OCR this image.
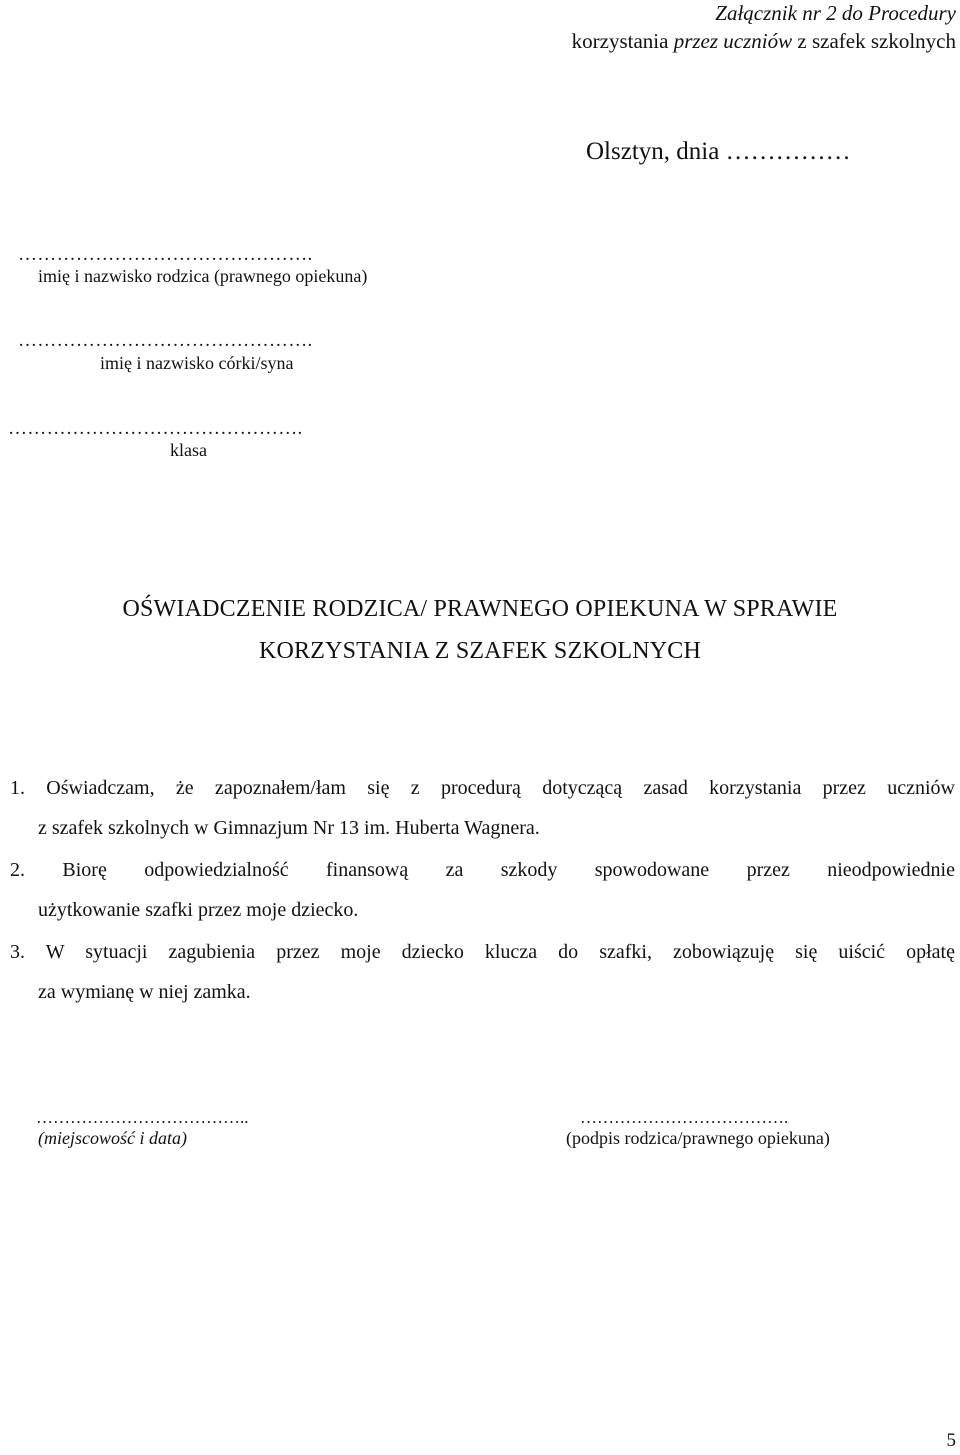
Załącznik nr 2 do Procedury
korzystania przez uczniów z szafek szkolnych
Olsztyn, dnia ……………
……………………………………….
imię i nazwisko rodzica (prawnego opiekuna)
……………………………………….
imię i nazwisko córki/syna
……………………………………….
klasa
OŚWIADCZENIE RODZICA/ PRAWNEGO OPIEKUNA W SPRAWIE
KORZYSTANIA Z SZAFEK SZKOLNYCH
1. Oświadczam, że zapoznałem/łam się z procedurą dotyczącą zasad korzystania przez uczniów
z szafek szkolnych w Gimnazjum Nr 13 im. Huberta Wagnera.
2. Biorę odpowiedzialność finansową za szkody spowodowane przez nieodpowiednie
użytkowanie szafki przez moje dziecko.
3. W sytuacji zagubienia przez moje dziecko klucza do szafki, zobowiązuję się uiścić opłatę
za wymianę w niej zamka.
………………………………..
(miejscowość i data)
……………………………….
(podpis rodzica/prawnego opiekuna)
5
